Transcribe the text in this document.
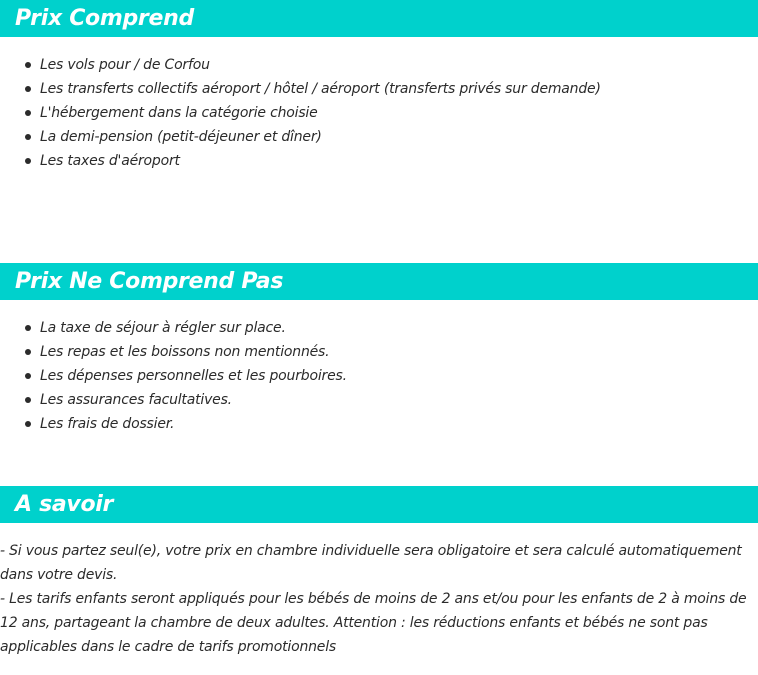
Prix Comprend
Les vols pour / de Corfou
Les transferts collectifs aéroport / hôtel / aéroport (transferts privés sur demande)
L'hébergement dans la catégorie choisie
La demi-pension (petit-déjeuner et dîner)
Les taxes d'aéroport
Prix Ne Comprend Pas
La taxe de séjour à régler sur place.
Les repas et les boissons non mentionnés.
Les dépenses personnelles et les pourboires.
Les assurances facultatives.
Les frais de dossier.
A savoir

- Si vous partez seul(e), votre prix en chambre individuelle sera obligatoire et sera calculé automatiquement dans votre devis.

- Les tarifs enfants seront appliqués pour les bébés de moins de 2 ans et/ou pour les enfants de 2 à moins de 12 ans, partageant la chambre de deux adultes. Attention : les réductions enfants et bébés ne sont pas applicables dans le cadre de tarifs promotionnels
